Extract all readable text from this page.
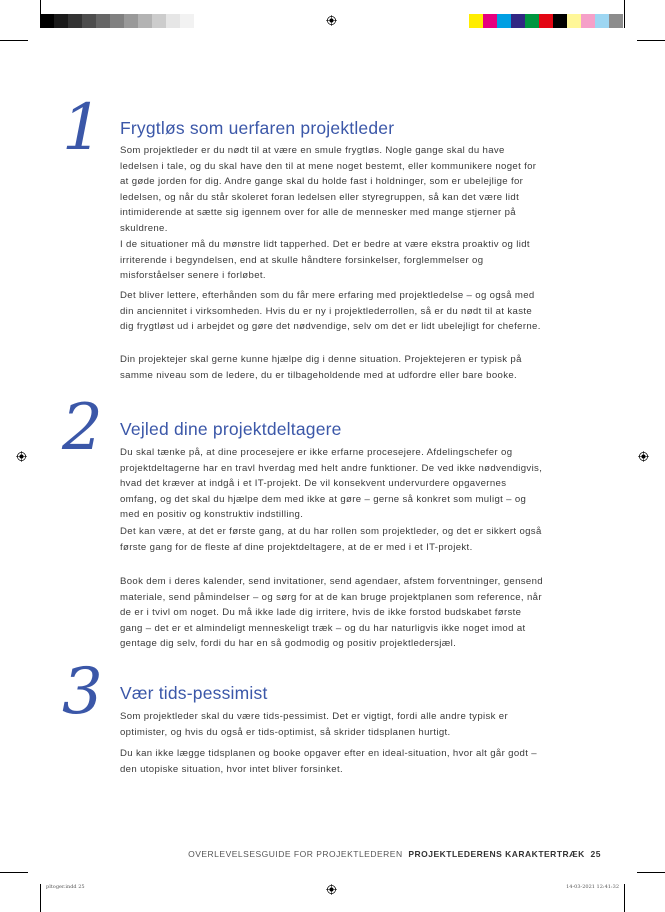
1 Frygtløs som uerfaren projektleder

Som projektleder er du nødt til at være en smule frygtløs. Nogle gange skal du have ledelsen i tale, og du skal have den til at mene noget bestemt, eller kommunikere noget for at gøde jorden for dig. Andre gange skal du holde fast i holdninger, som er ubelejlige for ledelsen, og når du står skoleret foran ledelsen eller styregruppen, så kan det være lidt intimiderende at sætte sig igennem over for alle de mennesker med mange stjerner på skuldrene.

I de situationer må du mønstre lidt tapperhed. Det er bedre at være ekstra proaktiv og lidt irriterende i begyndelsen, end at skulle håndtere forsinkelser, forglemmelser og misforståelser senere i forløbet.

Det bliver lettere, efterhånden som du får mere erfaring med projektledelse – og også med din anciennitet i virksomheden. Hvis du er ny i projektlederrollen, så er du nødt til at kaste dig frygtløst ud i arbejdet og gøre det nødvendige, selv om det er lidt ubelejligt for cheferne.

Din projektejer skal gerne kunne hjælpe dig i denne situation. Projektejeren er typisk på samme niveau som de ledere, du er tilbageholdende med at udfordre eller bare booke.

2 Vejled dine projektdeltagere

Du skal tænke på, at dine procesejere er ikke erfarne procesejere. Afdelingschefer og projektdeltagerne har en travl hverdag med helt andre funktioner. De ved ikke nødvendigvis, hvad det kræver at indgå i et IT-projekt. De vil konsekvent undervurdere opgavernes omfang, og det skal du hjælpe dem med ikke at gøre – gerne så konkret som muligt – og med en positiv og konstruktiv indstilling.

Det kan være, at det er første gang, at du har rollen som projektleder, og det er sikkert også første gang for de fleste af dine projektdeltagere, at de er med i et IT-projekt.

Book dem i deres kalender, send invitationer, send agendaer, afstem forventninger, gensend materiale, send påmindelser – og sørg for at de kan bruge projektplanen som reference, når de er i tvivl om noget. Du må ikke lade dig irritere, hvis de ikke forstod budskabet første gang – det er et almindeligt menneskeligt træk – og du har naturligvis ikke noget imod at gentage dig selv, fordi du har en så godmodig og positiv projektledersjæl.

3 Vær tids-pessimist

Som projektleder skal du være tids-pessimist. Det er vigtigt, fordi alle andre typisk er optimister, og hvis du også er tids-optimist, så skrider tidsplanen hurtigt.

Du kan ikke lægge tidsplanen og booke opgaver efter en ideal-situation, hvor alt går godt – den utopiske situation, hvor intet bliver forsinket.

OVERLEVELSESGUIDE FOR PROJEKTLEDEREN PROJEKTLEDERENS KARAKTERTRÆK 25
pltoger.indd 25	14-03-2021 12:41:32
